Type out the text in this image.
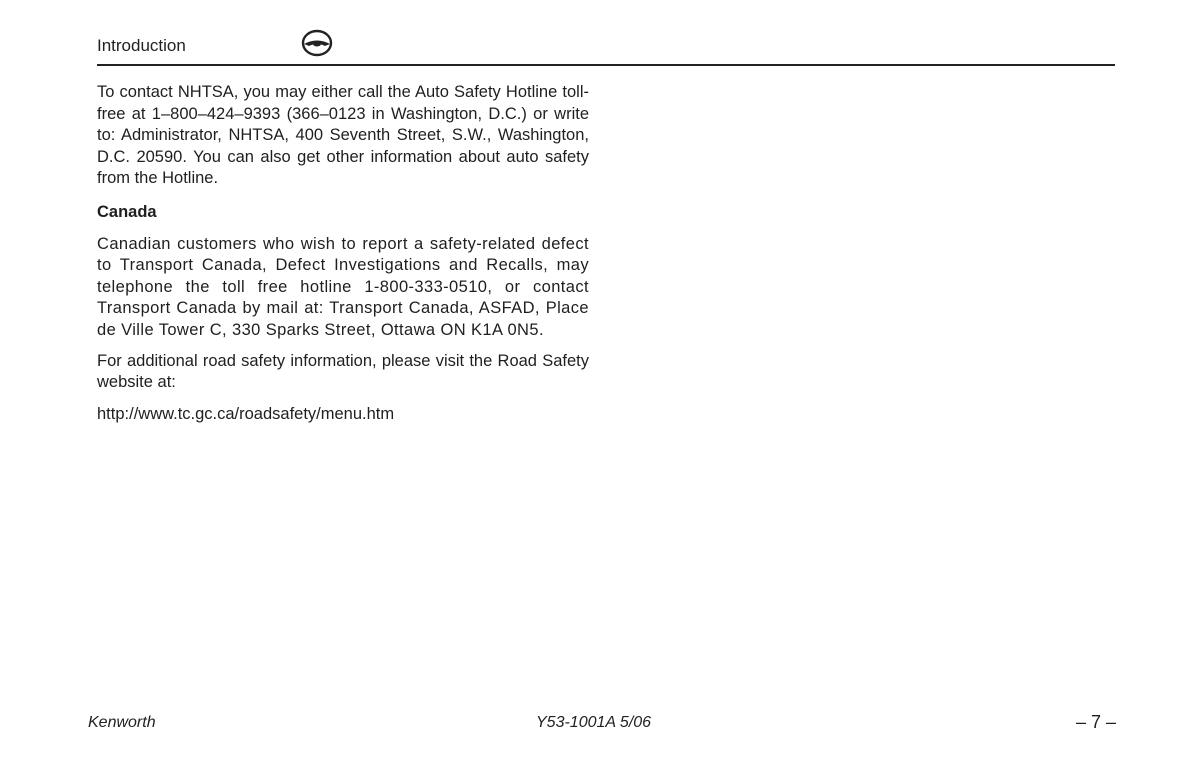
Introduction

To contact NHTSA, you may either call the Auto Safety Hotline toll-free at 1–800–424–9393 (366–0123 in Washington, D.C.) or write to: Administrator, NHTSA, 400 Seventh Street, S.W., Washington, D.C. 20590. You can also get other information about auto safety from the Hotline.

Canada

Canadian customers who wish to report a safety-related defect to Transport Canada, Defect Investigations and Recalls, may telephone the toll free hotline 1-800-333-0510, or contact Transport Canada by mail at: Transport Canada, ASFAD, Place de Ville Tower C, 330 Sparks Street, Ottawa ON K1A 0N5.

For additional road safety information, please visit the Road Safety website at:

http://www.tc.gc.ca/roadsafety/menu.htm

Kenworth	Y53-1001A 5/06	– 7 –
